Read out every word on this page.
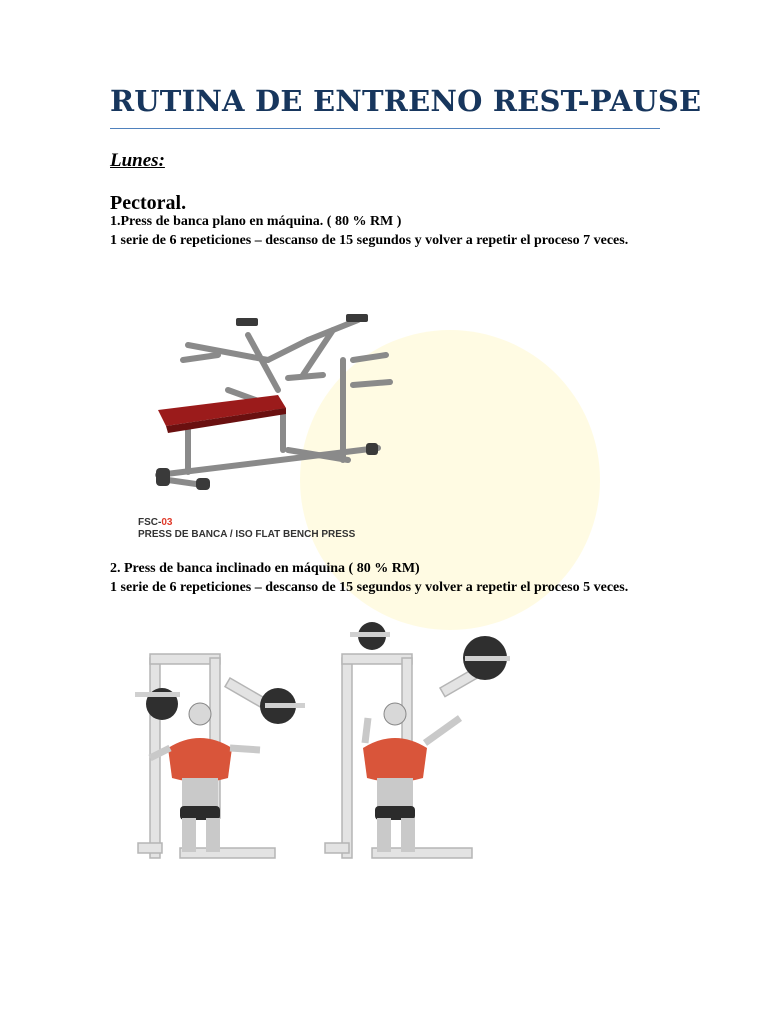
RUTINA DE ENTRENO REST-PAUSE

Lunes:

Pectoral.

1.Press de banca plano en máquina. ( 80 % RM )

1 serie de 6 repeticiones – descanso de 15 segundos y volver a repetir el proceso 7 veces.

2. Press de banca inclinado en máquina ( 80 % RM)

1 serie de 6 repeticiones – descanso de 15 segundos y volver a repetir el proceso 5 veces.

FSC-03
PRESS DE BANCA / ISO FLAT BENCH PRESS
